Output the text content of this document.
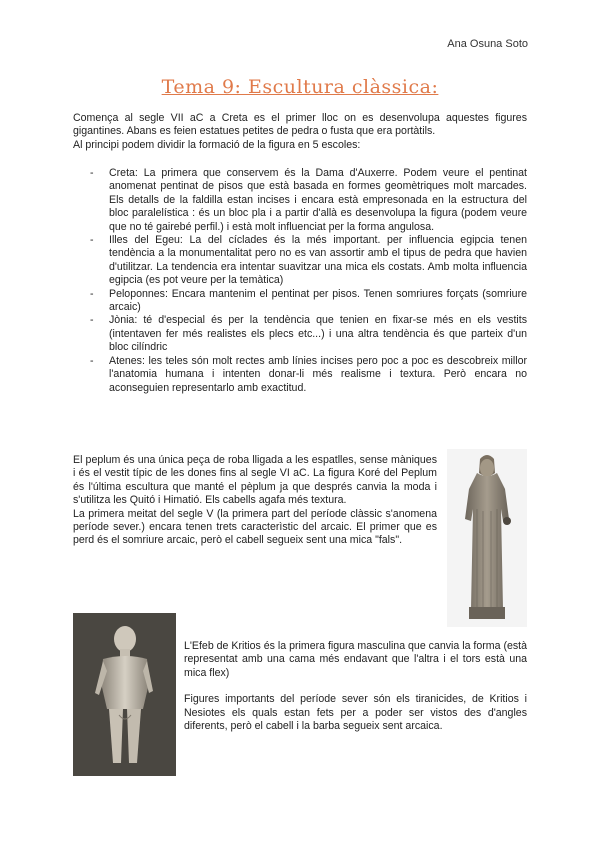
Ana Osuna Soto
Tema 9: Escultura clàssica:
Comença al segle VII aC a Creta es el primer lloc on es desenvolupa aquestes figures gigantines. Abans es feien estatues petites de pedra o fusta que era portàtils.
Al principi podem dividir la formació de la figura en 5 escoles:
- Creta: La primera que conservem és la Dama d'Auxerre. Podem veure el pentinat anomenat pentinat de pisos que està basada en formes geomètriques molt marcades. Els detalls de la faldilla estan incises i encara està empresonada en la estructura del bloc paralelística : és un bloc pla i a partir d'allà es desenvolupa la figura (podem veure que no té gairebé perfil.) i està molt influenciat per la forma angulosa.
- Illes del Egeu: La del cíclades és la més important. per influencia egipcia tenen tendència a la monumentalitat pero no es van assortir amb el tipus de pedra que havien d'utilitzar. La tendencia era intentar suavitzar una mica els costats. Amb molta influencia egipcia (es pot veure per la temàtica)
- Peloponnes: Encara mantenim el pentinat per pisos. Tenen somriures forçats (somriure arcaic)
- Jònia: té d'especial és per la tendència que tenien en fixar-se més en els vestits (intentaven fer més realistes els plecs etc...) i una altra tendència és que parteix d'un bloc cilíndric
- Atenes: les teles són molt rectes amb línies incises pero poc a poc es descobreix millor l'anatomia humana i intenten donar-li més realisme i textura. Però encara no aconseguien representarlo amb exactitud.
El peplum és una única peça de roba lligada a les espatlles, sense màniques i és el vestit típic de les dones fins al segle VI aC. La figura Koré del Peplum és l'última escultura que manté el pèplum ja que després canvia la moda i s'utilitza les Quitó i Himatió. Els cabells agafa més textura.
La primera meitat del segle V (la primera part del període clàssic s'anomena període sever.) encara tenen trets caracterìstic del arcaic. El primer que es perd és el somriure arcaic, però el cabell segueix sent una mica "fals".
L'Efeb de Kritios és la primera figura masculina que canvia la forma (està representat amb una cama més endavant que l'altra i el tors està una mica flex)
Figures importants del període sever són els tiranicides, de Kritios i Nesiotes els quals estan fets per a poder ser vistos des d'angles diferents, però el cabell i la barba segueix sent arcaica.
